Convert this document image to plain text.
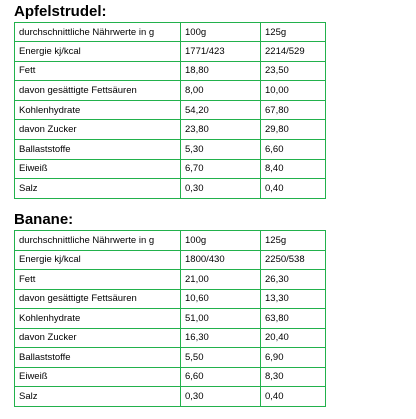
Apfelstrudel:
durchschnittliche Nährwerte in g	100g	125g
Energie kj/kcal	1771/423	2214/529
Fett	18,80	23,50
davon gesättigte Fettsäuren	8,00	10,00
Kohlenhydrate	54,20	67,80
davon Zucker	23,80	29,80
Ballaststoffe	5,30	6,60
Eiweiß	6,70	8,40
Salz	0,30	0,40
Banane:
durchschnittliche Nährwerte in g	100g	125g
Energie kj/kcal	1800/430	2250/538
Fett	21,00	26,30
davon gesättigte Fettsäuren	10,60	13,30
Kohlenhydrate	51,00	63,80
davon Zucker	16,30	20,40
Ballaststoffe	5,50	6,90
Eiweiß	6,60	8,30
Salz	0,30	0,40
